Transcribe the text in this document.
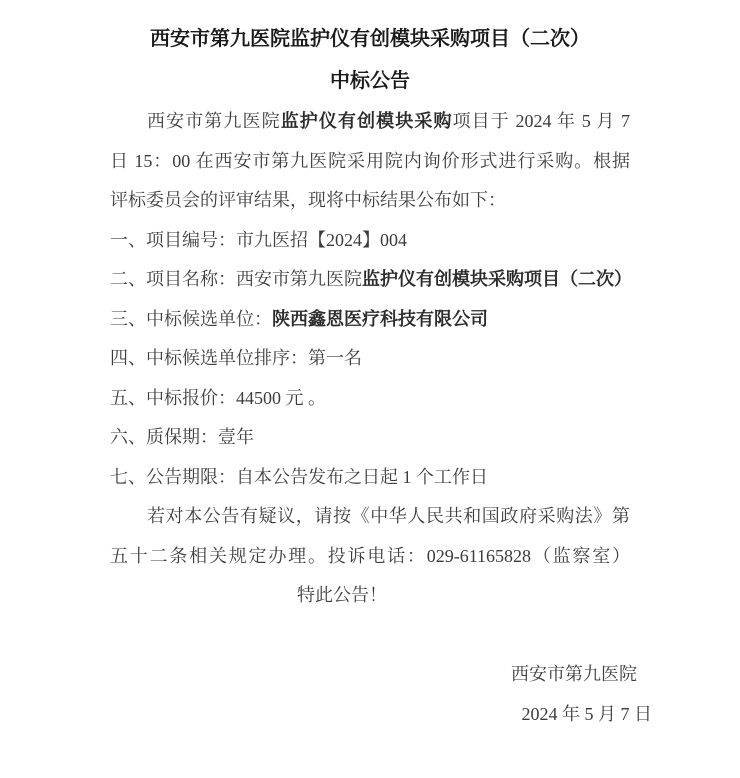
西安市第九医院监护仪有创模块采购项目（二次）
中标公告

西安市第九医院监护仪有创模块采购项目于 2024 年 5 月 7

日 15：00 在西安市第九医院采用院内询价形式进行采购。根据

评标委员会的评审结果，现将中标结果公布如下：

一、项目编号：市九医招【2024】004

二、项目名称：西安市第九医院监护仪有创模块采购项目（二次）

三、中标候选单位：陕西鑫恩医疗科技有限公司

四、中标候选单位排序：第一名

五、中标报价：44500 元 。

六、质保期：壹年

七、公告期限：自本公告发布之日起 1 个工作日

若对本公告有疑议，请按《中华人民共和国政府采购法》第

五十二条相关规定办理。投诉电话：029-61165828（监察室）

特此公告！

西安市第九医院

2024 年 5 月 7 日
